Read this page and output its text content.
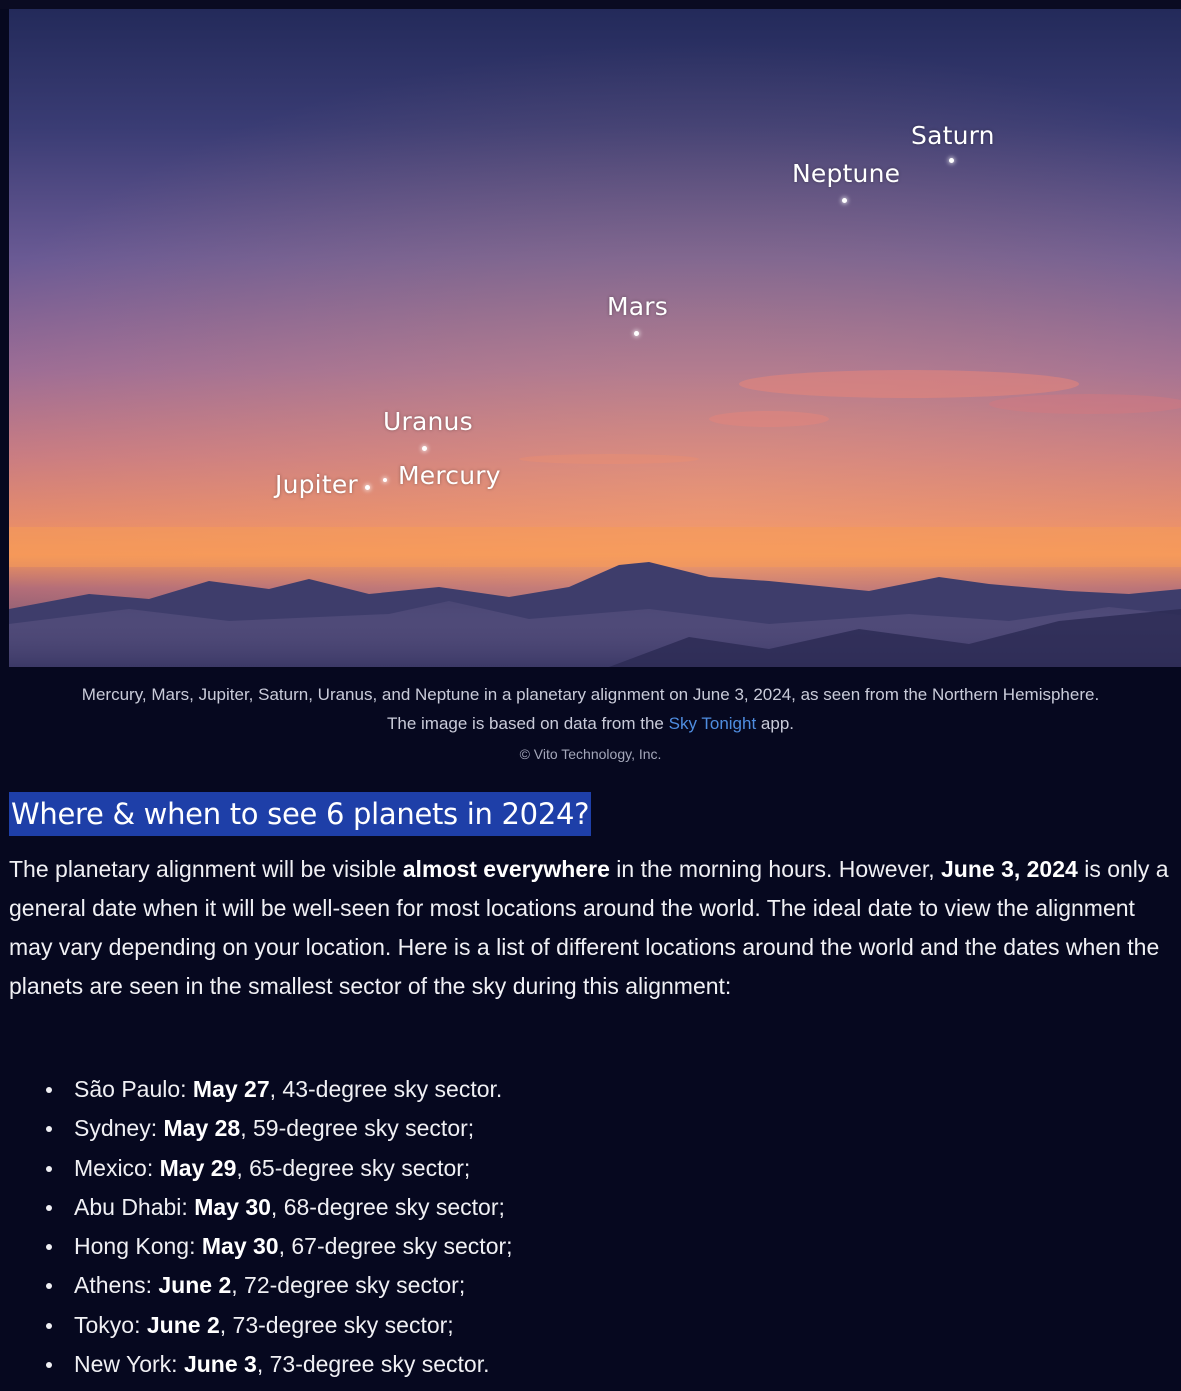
Saturn
Neptune
Mars
Uranus
Jupiter Mercury
Mercury, Mars, Jupiter, Saturn, Uranus, and Neptune in a planetary alignment on June 3, 2024, as seen from the Northern Hemisphere.
The image is based on data from the Sky Tonight app.
© Vito Technology, Inc.
Where & when to see 6 planets in 2024?

The planetary alignment will be visible almost everywhere in the morning hours. However, June 3, 2024 is only a general date when it will be well-seen for most locations around the world. The ideal date to view the alignment may vary depending on your location. Here is a list of different locations around the world and the dates when the planets are seen in the smallest sector of the sky during this alignment:

São Paulo: May 27, 43-degree sky sector.
Sydney: May 28, 59-degree sky sector;
Mexico: May 29, 65-degree sky sector;
Abu Dhabi: May 30, 68-degree sky sector;
Hong Kong: May 30, 67-degree sky sector;
Athens: June 2, 72-degree sky sector;
Tokyo: June 2, 73-degree sky sector;
New York: June 3, 73-degree sky sector.
